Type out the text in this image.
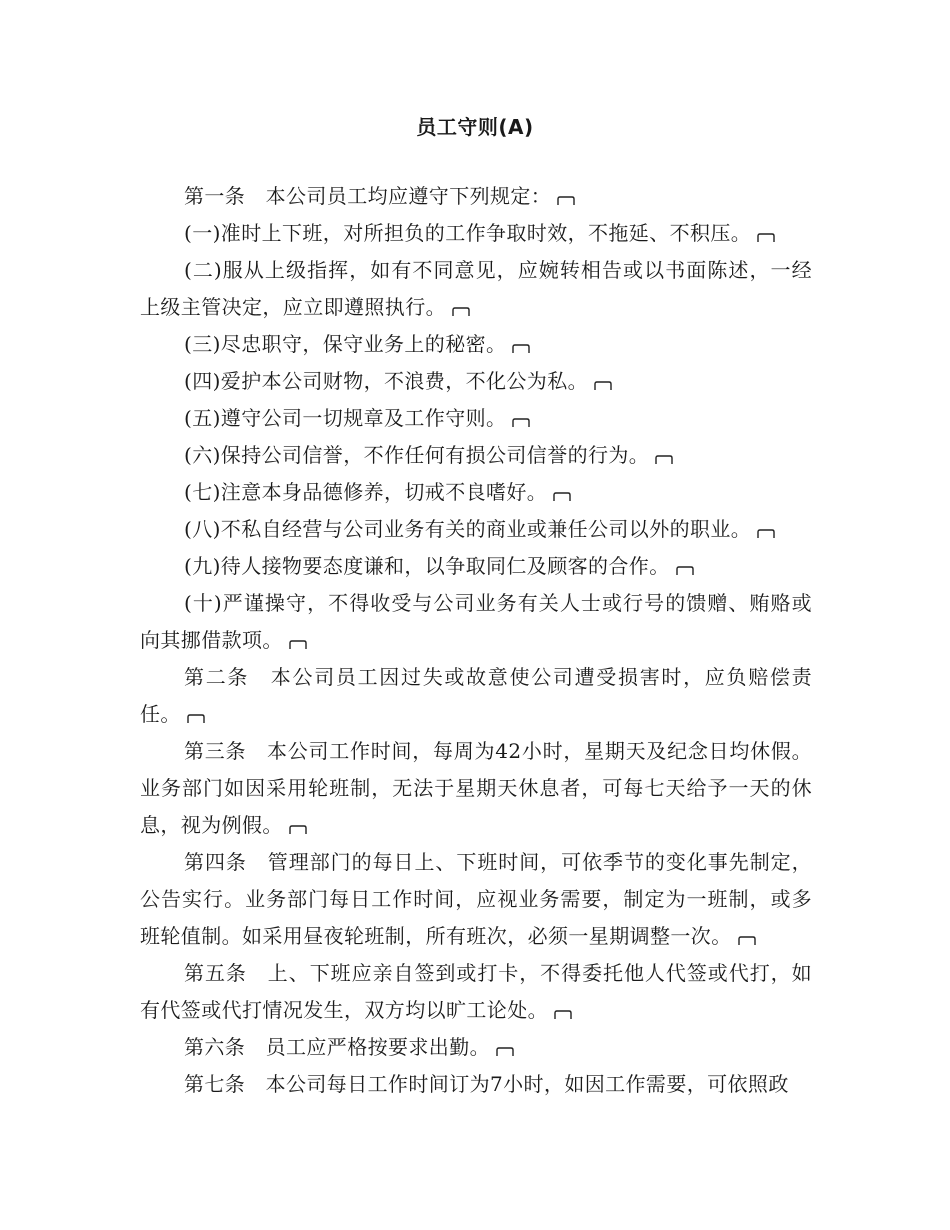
员工守则(A)

第一条　本公司员工均应遵守下列规定：

(一)准时上下班，对所担负的工作争取时效，不拖延、不积压。

(二)服从上级指挥，如有不同意见，应婉转相告或以书面陈述，一经上级主管决定，应立即遵照执行。

(三)尽忠职守，保守业务上的秘密。

(四)爱护本公司财物，不浪费，不化公为私。

(五)遵守公司一切规章及工作守则。

(六)保持公司信誉，不作任何有损公司信誉的行为。

(七)注意本身品德修养，切戒不良嗜好。

(八)不私自经营与公司业务有关的商业或兼任公司以外的职业。

(九)待人接物要态度谦和，以争取同仁及顾客的合作。

(十)严谨操守，不得收受与公司业务有关人士或行号的馈赠、贿赂或向其挪借款项。

第二条　本公司员工因过失或故意使公司遭受损害时，应负赔偿责任。

第三条　本公司工作时间，每周为42小时，星期天及纪念日均休假。业务部门如因采用轮班制，无法于星期天休息者，可每七天给予一天的休息，视为例假。

第四条　管理部门的每日上、下班时间，可依季节的变化事先制定，公告实行。业务部门每日工作时间，应视业务需要，制定为一班制，或多班轮值制。如采用昼夜轮班制，所有班次，必须一星期调整一次。

第五条　上、下班应亲自签到或打卡，不得委托他人代签或代打，如有代签或代打情况发生，双方均以旷工论处。

第六条　员工应严格按要求出勤。

第七条　本公司每日工作时间订为7小时，如因工作需要，可依照政
